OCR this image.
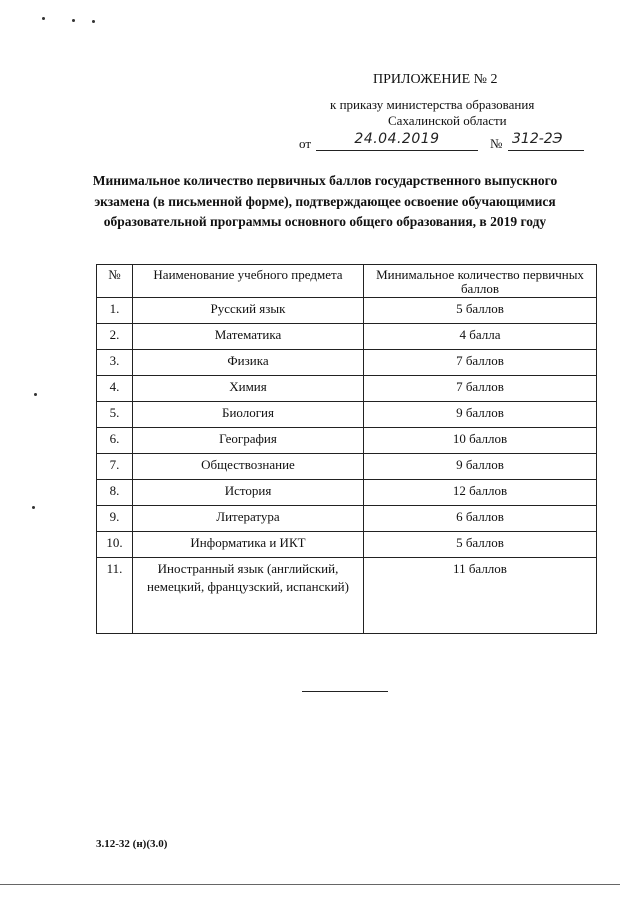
ПРИЛОЖЕНИЕ № 2
к приказу министерства образования
Сахалинской области
от	24.04.2019	№ 312-2Э
Минимальное количество первичных баллов государственного выпускного экзамена (в письменной форме), подтверждающее освоение обучающимися образовательной программы основного общего образования, в 2019 году
№	Наименование учебного предмета	Минимальное количество первичных баллов
1.	Русский язык	5 баллов
2.	Математика	4 балла
3.	Физика	7 баллов
4.	Химия	7 баллов
5.	Биология	9 баллов
6.	География	10 баллов
7.	Обществознание	9 баллов
8.	История	12 баллов
9.	Литература	6 баллов
10.	Информатика и ИКТ	5 баллов
11.	Иностранный язык (английский, немецкий, французский, испанский)	11 баллов
3.12-32 (н)(3.0)
